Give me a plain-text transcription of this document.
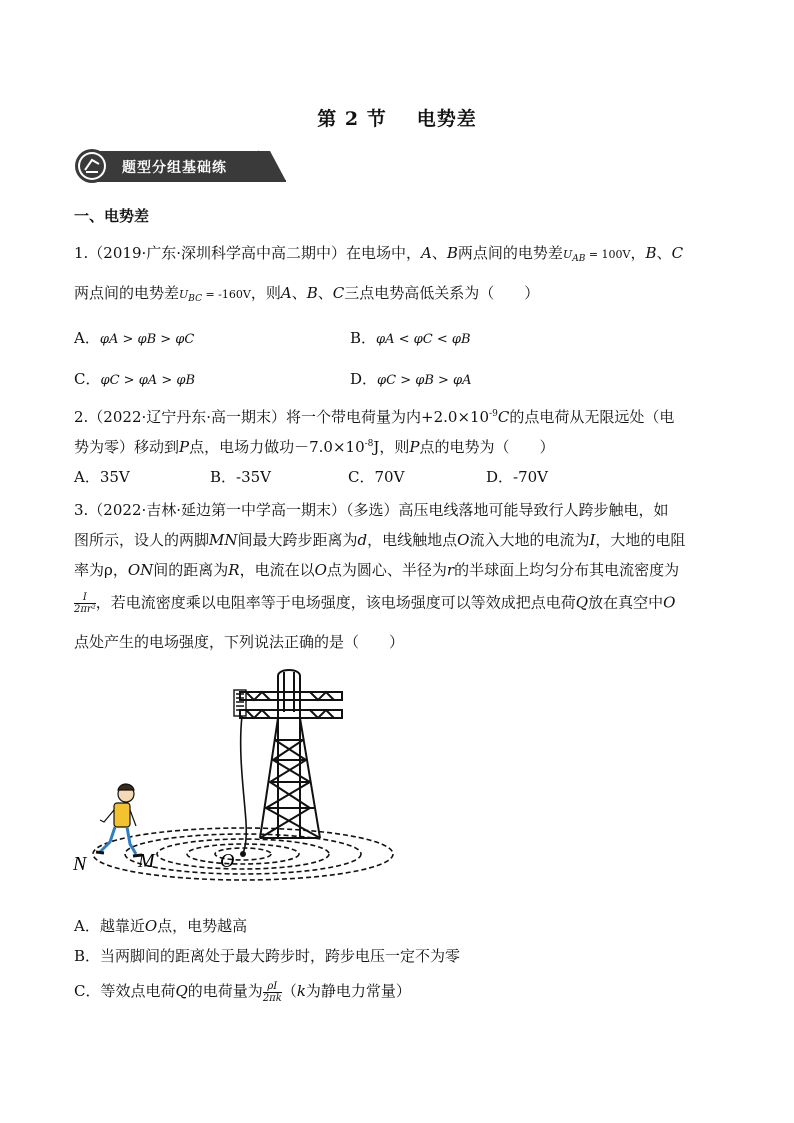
第 2 节 电势差
题型分组基础练
一、电势差
1.（2019·广东·深圳科学高中高二期中）在电场中，A、B两点间的电势差$U_{AB} = 100V$，B、C
两点间的电势差$U_{BC} = -160V$，则A、B、C三点电势高低关系为（　　）
A．φA > φB > φC	B．φA < φC < φB
C．φC > φA > φB	D．φC > φB > φA
2.（2022·辽宁丹东·高一期末）将一个带电荷量为内$+2.0\times 10^{-9}C$的点电荷从无限远处（电
势为零）移动到P点，电场力做功$-7.0\times 10^{-8}J$，则P点的电势为（　　）
A．35V	B．-35V	C．70V	D．-70V
3.（2022·吉林·延边第一中学高一期末）（多选）高压电线落地可能导致行人跨步触电，如
图所示，设人的两脚MN间最大跨步距离为d，电线触地点O流入大地的电流为I，大地的电阻
率为ρ，ON间的距离为R，电流在以O点为圆心、半径为r的半球面上均匀分布其电流密度为
$\frac{I}{\text{2πr²}}$ ，若电流密度乘以电阻率等于电场强度，该电场强度可以等效成把点电荷Q放在真空中O
点处产生的电场强度，下列说法正确的是（　　）
N	M	O
A．越靠近O点，电势越高
B．当两脚间的距离处于最大跨步时，跨步电压一定不为零
C．等效点电荷Q的电荷量为 $\frac{\rho I}{2\pi k} (k$为静电力常量）
